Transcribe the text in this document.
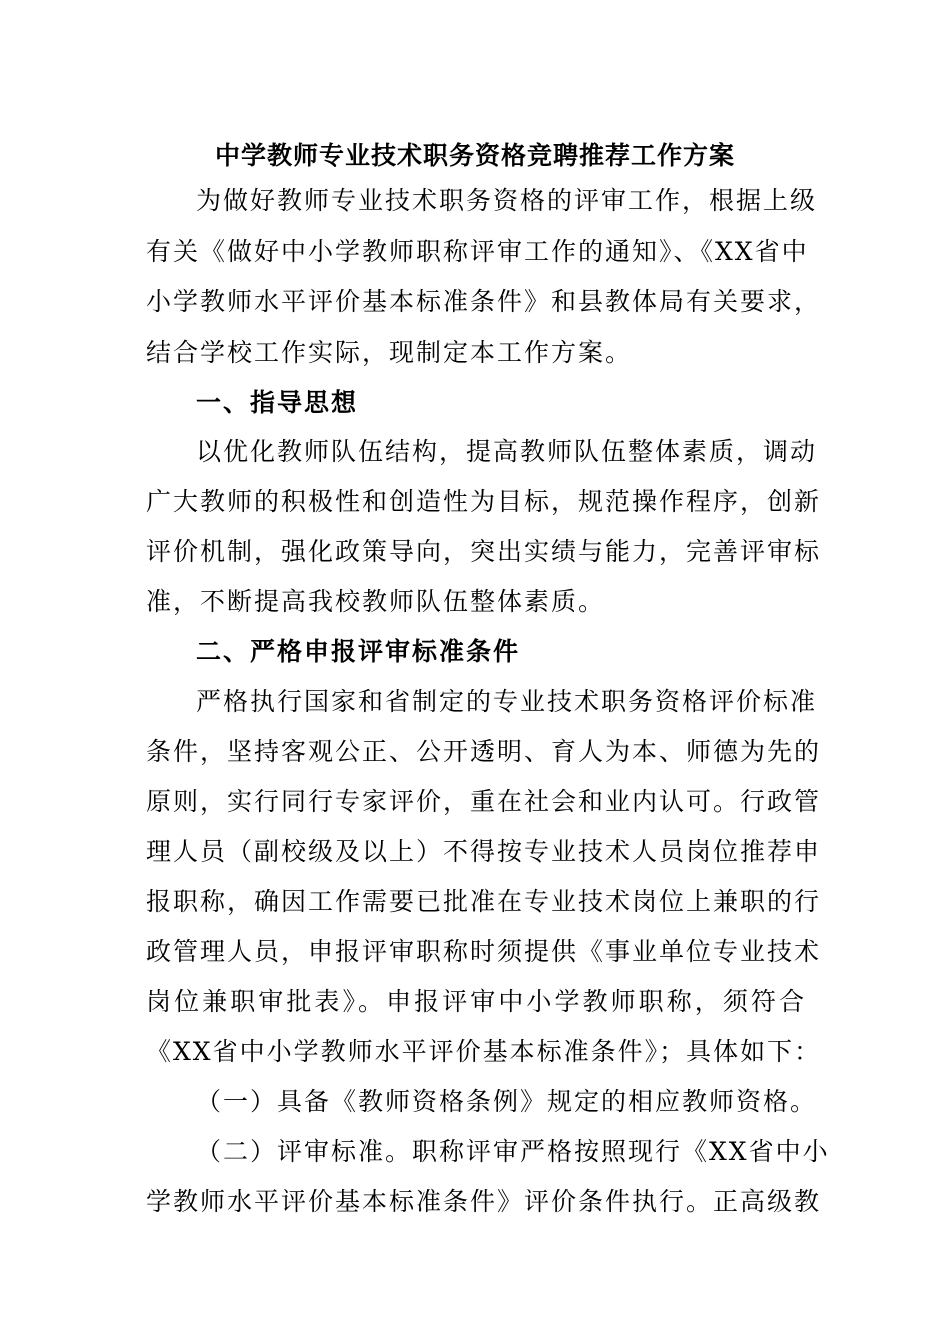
中学教师专业技术职务资格竞聘推荐工作方案
为做好教师专业技术职务资格的评审工作，根据上级
有关《做好中小学教师职称评审工作的通知》、《XX省中
小学教师水平评价基本标准条件》和县教体局有关要求，
结合学校工作实际，现制定本工作方案。
一、指导思想
以优化教师队伍结构，提高教师队伍整体素质，调动
广大教师的积极性和创造性为目标，规范操作程序，创新
评价机制，强化政策导向，突出实绩与能力，完善评审标
准，不断提高我校教师队伍整体素质。
二、严格申报评审标准条件
严格执行国家和省制定的专业技术职务资格评价标准
条件，坚持客观公正、公开透明、育人为本、师德为先的
原则，实行同行专家评价，重在社会和业内认可。行政管
理人员（副校级及以上）不得按专业技术人员岗位推荐申
报职称，确因工作需要已批准在专业技术岗位上兼职的行
政管理人员，申报评审职称时须提供《事业单位专业技术
岗位兼职审批表》。申报评审中小学教师职称，须符合
《XX省中小学教师水平评价基本标准条件》；具体如下：
（一）具备《教师资格条例》规定的相应教师资格。
（二）评审标准。职称评审严格按照现行《XX省中小
学教师水平评价基本标准条件》评价条件执行。正高级教
